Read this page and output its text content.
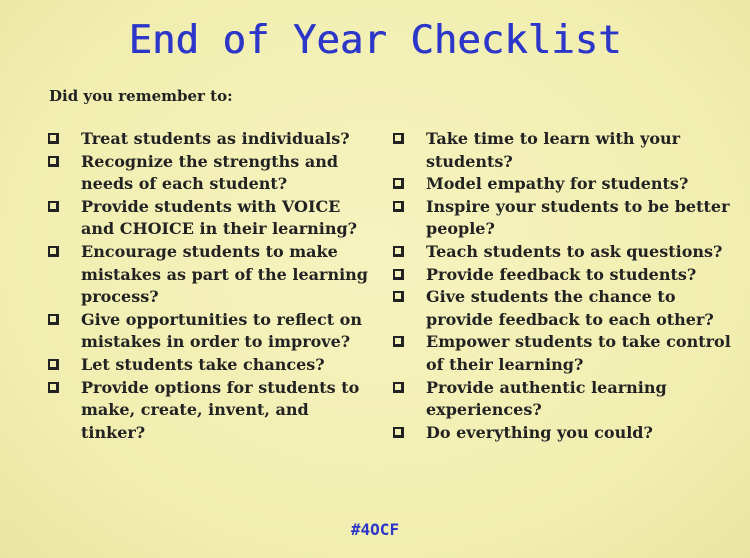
End of Year Checklist
Did you remember to:
Treat students as individuals?
Recognize the strengths and needs of each student?
Provide students with VOICE and CHOICE in their learning?
Encourage students to make mistakes as part of the learning process?
Give opportunities to reflect on mistakes in order to improve?
Let students take chances?
Provide options for students to make, create, invent, and tinker?
Take time to learn with your students?
Model empathy for students?
Inspire your students to be better people?
Teach students to ask questions?
Provide feedback to students?
Give students the chance to provide feedback to each other?
Empower students to take control of their learning?
Provide authentic learning experiences?
Do everything you could?
#4OCF
